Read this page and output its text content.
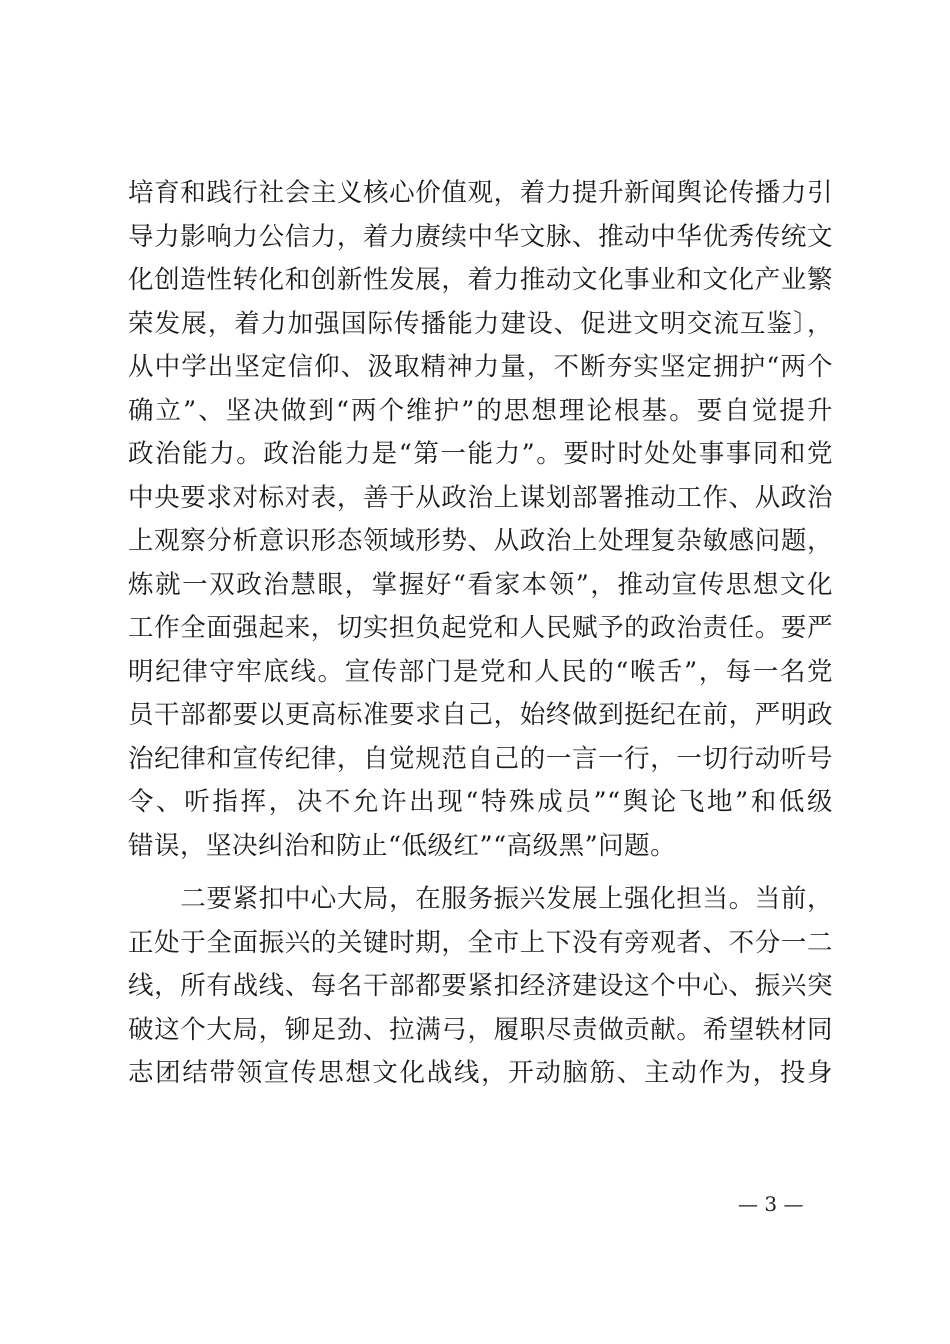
培育和践行社会主义核心价值观，着力提升新闻舆论传播力引
导力影响力公信力，着力赓续中华文脉、推动中华优秀传统文
化创造性转化和创新性发展，着力推动文化事业和文化产业繁
荣发展，着力加强国际传播能力建设、促进文明交流互鉴〕，
从中学出坚定信仰、汲取精神力量，不断夯实坚定拥护“两个
确立”、坚决做到“两个维护”的思想理论根基。要自觉提升
政治能力。政治能力是“第一能力”。要时时处处事事同和党
中央要求对标对表，善于从政治上谋划部署推动工作、从政治
上观察分析意识形态领域形势、从政治上处理复杂敏感问题，
炼就一双政治慧眼，掌握好“看家本领”，推动宣传思想文化
工作全面强起来，切实担负起党和人民赋予的政治责任。要严
明纪律守牢底线。宣传部门是党和人民的“喉舌”，每一名党
员干部都要以更高标准要求自己，始终做到挺纪在前，严明政
治纪律和宣传纪律，自觉规范自己的一言一行，一切行动听号
令、听指挥，决不允许出现“特殊成员”“舆论飞地”和低级
错误，坚决纠治和防止“低级红”“高级黑”问题。
　　二要紧扣中心大局，在服务振兴发展上强化担当。当前，
正处于全面振兴的关键时期，全市上下没有旁观者、不分一二
线，所有战线、每名干部都要紧扣经济建设这个中心、振兴突
破这个大局，铆足劲、拉满弓，履职尽责做贡献。希望轶材同
志团结带领宣传思想文化战线，开动脑筋、主动作为，投身
— 3 —
